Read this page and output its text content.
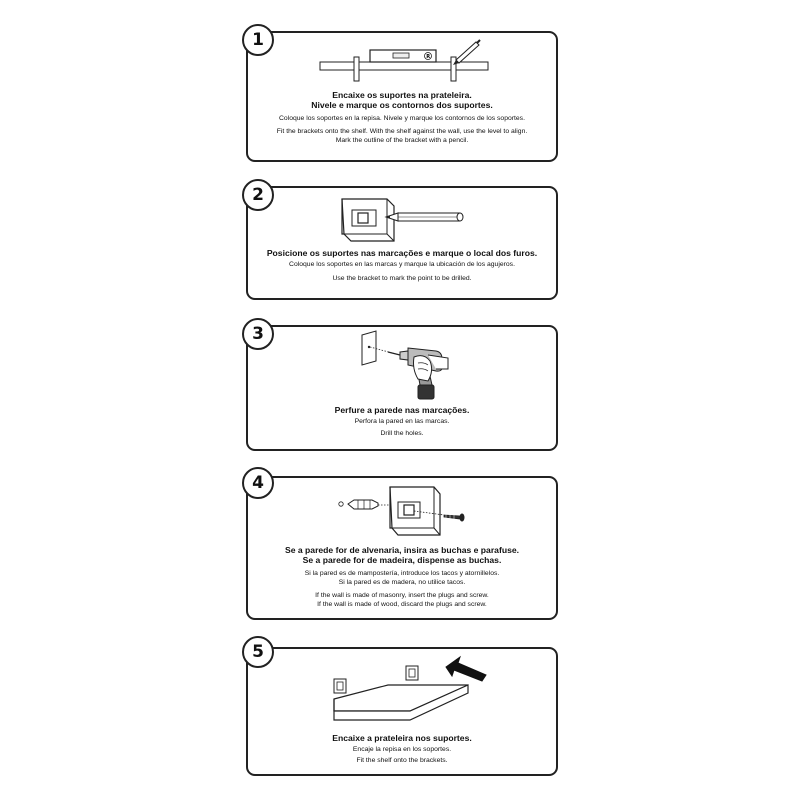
R
Encaixe os suportes na prateleira.
Nivele e marque os contornos dos suportes.
Coloque los soportes en la repisa. Nivele y marque los contornos de los soportes.
Fit the brackets onto the shelf. With the shelf against the wall, use the level to align.
Mark the outline of the bracket with a pencil.
1
Posicione os suportes nas marcações e marque o local dos furos.
Coloque los soportes en las marcas y marque la ubicación de los agujeros.
Use the bracket to mark the point to be drilled.
2
Perfure a parede nas marcações.
Perfora la pared en las marcas.
Drill the holes.
3
Se a parede for de alvenaria, insira as buchas e parafuse.
Se a parede for de madeira, dispense as buchas.
Si la pared es de mampostería, introduce los tacos y atornillelos.
Si la pared es de madera, no utilice tacos.
If the wall is made of masonry, insert the plugs and screw.
If the wall is made of wood, discard the plugs and screw.
4
Encaixe a prateleira nos suportes.
Encaje la repisa en los soportes.
Fit the shelf onto the brackets.
5
